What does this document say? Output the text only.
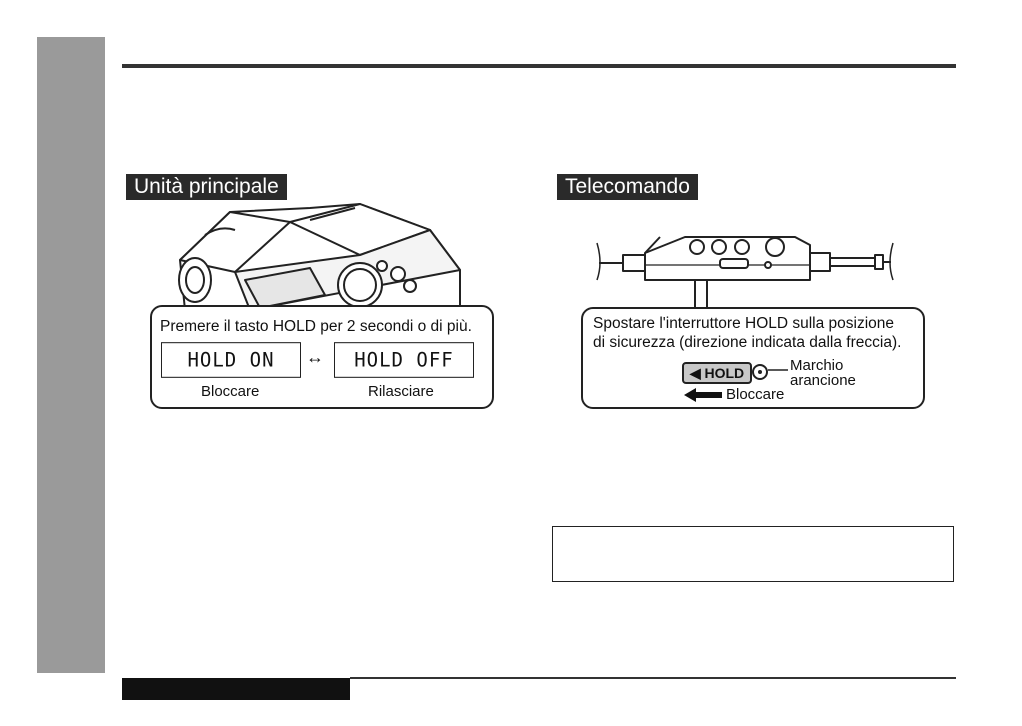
Unità principale
Premere il tasto HOLD per 2 secondi o di più.
HOLD ON	↔	HOLD OFF
Bloccare	Rilasciare
Telecomando
Spostare l'interruttore HOLD sulla posizione
di sicurezza (direzione indicata dalla freccia).
◀ HOLD	Marchio
arancione
Bloccare
